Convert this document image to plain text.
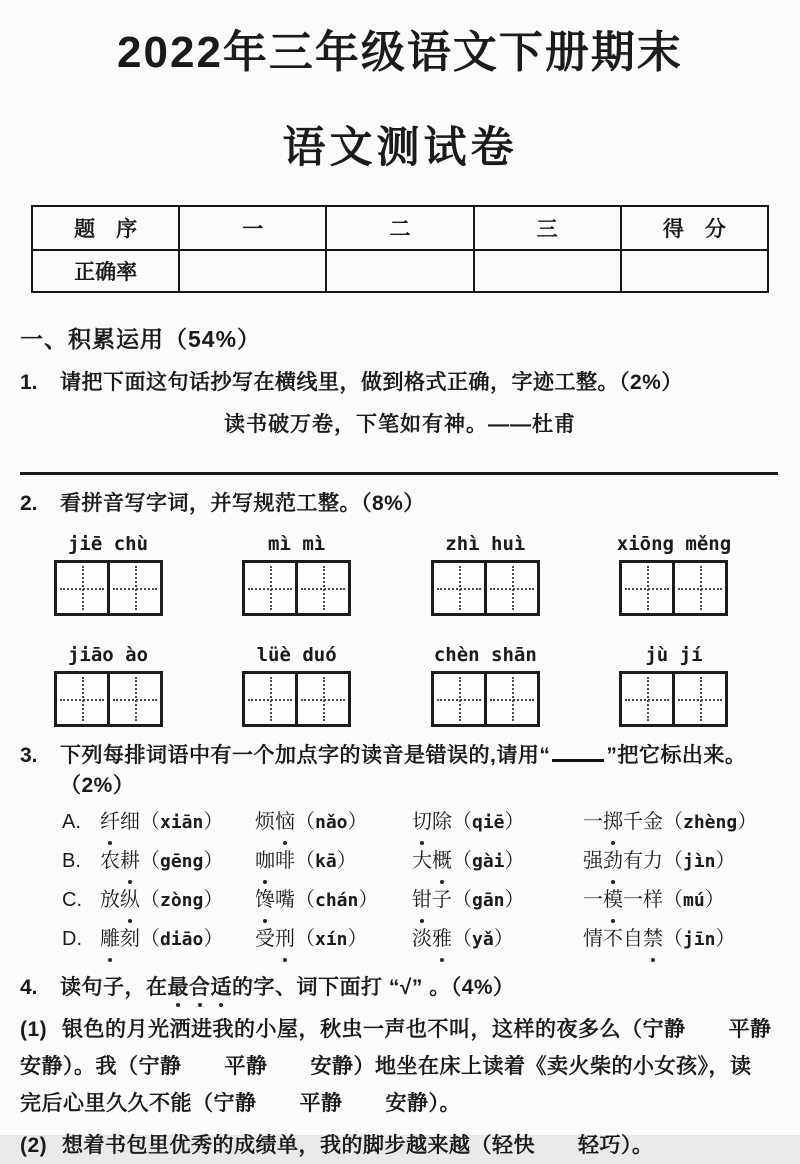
2022年三年级语文下册期末
语文测试卷
题　序	一	二	三	得　分
正确率				
一、积累运用（54%）
1.	请把下面这句话抄写在横线里，做到格式正确，字迹工整。（2%）
读书破万卷，下笔如有神。——杜甫
2.	看拼音写字词，并写规范工整。（8%）
jiē chù	mì mì	zhì huì	xiōng měng
jiāo ào	lüè duó	chèn shān	jù jí
3.	下列每排词语中有一个加点字的读音是错误的,请用“	”把它标出来。（2%）
A. 纤细（xiān）	烦恼（nǎo）	切除（qiē）	一掷千金（zhèng）
B. 农耕（gēng）	咖啡（kā）	大概（gài）	强劲有力（jìn）
C. 放纵（zòng）	馋嘴（chán）	钳子（gān）	一模一样（mú）
D. 雕刻（diāo）	受刑（xín）	淡雅（yǎ）	情不自禁（jīn）
4.	读句子，在最合适的字、词下面打 “√” 。（4%）
(1) 银色的月光洒进我的小屋，秋虫一声也不叫，这样的夜多么（宁静　　平静
安静）。我（宁静　　平静　　安静）地坐在床上读着《卖火柴的小女孩》，读
完后心里久久不能（宁静　　平静　　安静）。
(2) 想着书包里优秀的成绩单，我的脚步越来越（轻快　　轻巧）。
